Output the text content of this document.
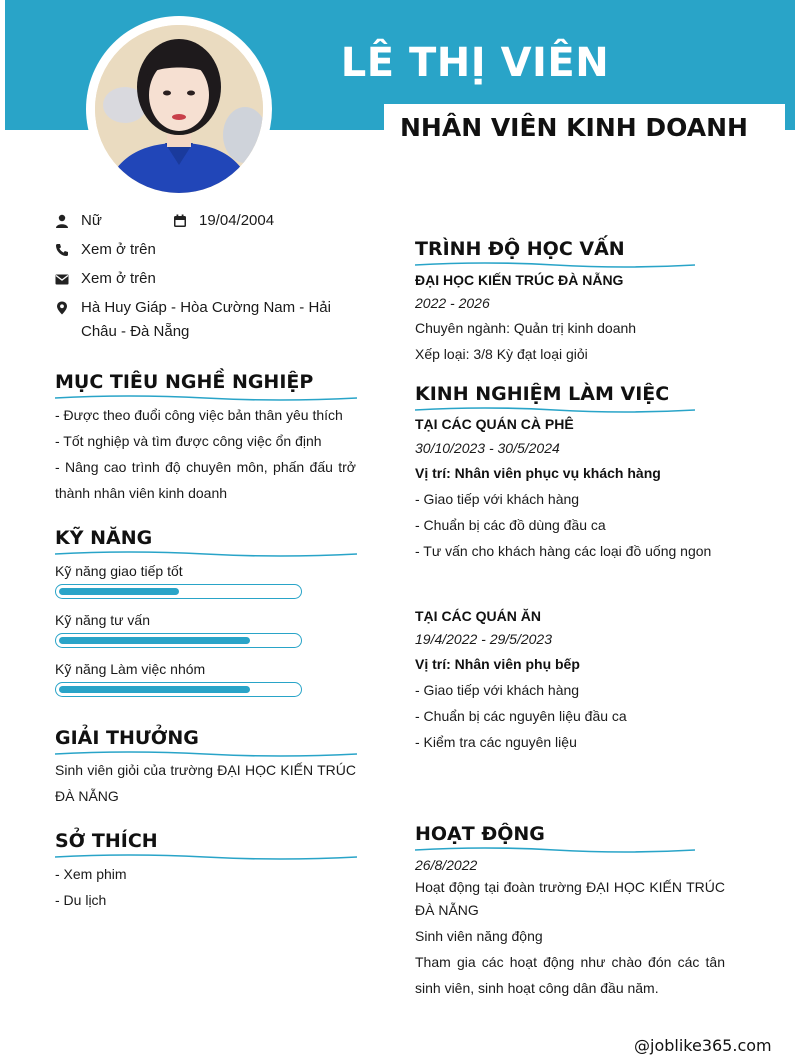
LÊ THỊ VIÊN
NHÂN VIÊN KINH DOANH
Nữ	19/04/2004
Xem ở trên
Xem ở trên
Hà Huy Giáp - Hòa Cường Nam - Hải Châu - Đà Nẵng
MỤC TIÊU NGHỀ NGHIỆP
- Được theo đuổi công việc bản thân yêu thích
- Tốt nghiệp và tìm được công việc ổn định
- Nâng cao trình độ chuyên môn, phấn đấu trở thành nhân viên kinh doanh
KỸ NĂNG
Kỹ năng giao tiếp tốt
Kỹ năng tư vấn
Kỹ năng Làm việc nhóm
GIẢI THƯỞNG
Sinh viên giỏi của trường ĐẠI HỌC KIẾN TRÚC ĐÀ NẴNG
SỞ THÍCH
- Xem phim
- Du lịch
TRÌNH ĐỘ HỌC VẤN
ĐẠI HỌC KIẾN TRÚC ĐÀ NẴNG
2022 - 2026
Chuyên ngành: Quản trị kinh doanh
Xếp loại: 3/8 Kỳ đạt loại giỏi
KINH NGHIỆM LÀM VIỆC
TẠI CÁC QUÁN CÀ PHÊ
30/10/2023 - 30/5/2024
Vị trí: Nhân viên phục vụ khách hàng
- Giao tiếp với khách hàng
- Chuẩn bị các đồ dùng đầu ca
- Tư vấn cho khách hàng các loại đồ uống ngon
TẠI CÁC QUÁN ĂN
19/4/2022 - 29/5/2023
Vị trí: Nhân viên phụ bếp
- Giao tiếp với khách hàng
- Chuẩn bị các nguyên liệu đầu ca
- Kiểm tra các nguyên liệu
HOẠT ĐỘNG
26/8/2022
Hoạt động tại đoàn trường ĐẠI HỌC KIẾN TRÚC ĐÀ NẴNG
Sinh viên năng động
Tham gia các hoạt động như chào đón các tân sinh viên, sinh hoạt công dân đầu năm.
@joblike365.com
